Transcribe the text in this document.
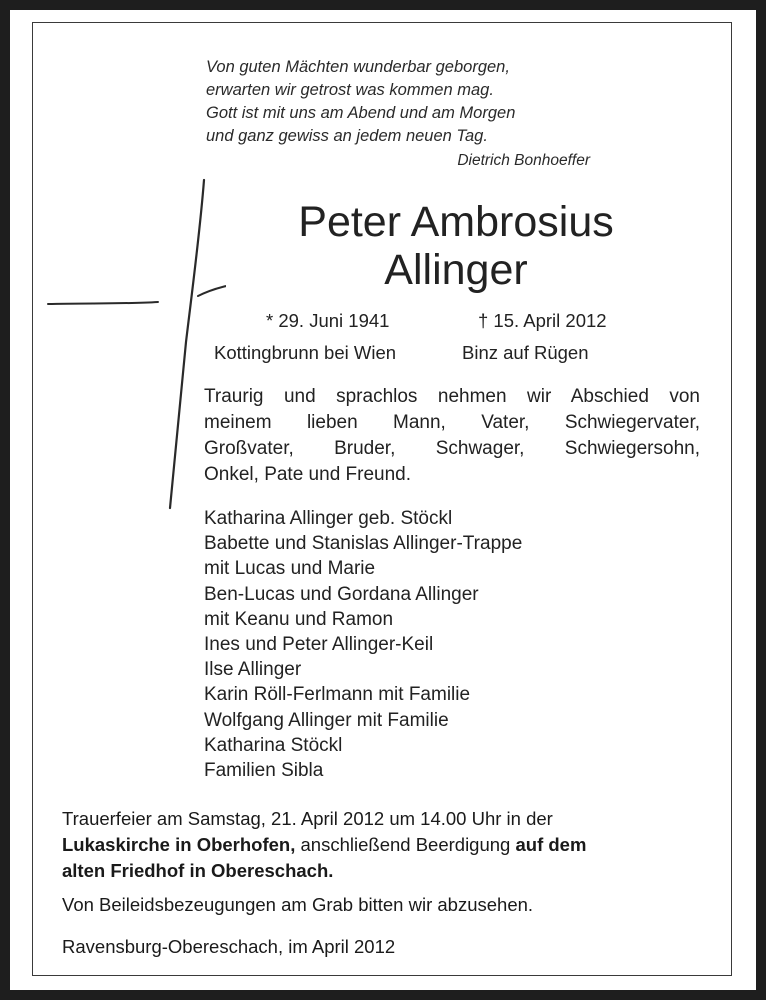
Von guten Mächten wunderbar geborgen,
erwarten wir getrost was kommen mag.
Gott ist mit uns am Abend und am Morgen
und ganz gewiss an jedem neuen Tag.
Dietrich Bonhoeffer
Peter Ambrosius
Allinger
* 29. Juni 1941	† 15. April 2012
Kottingbrunn bei Wien	Binz auf Rügen
Traurig und sprachlos nehmen wir Abschied von
meinem lieben Mann, Vater, Schwiegervater,
Großvater, Bruder, Schwager, Schwiegersohn,
Onkel, Pate und Freund.
Katharina Allinger geb. Stöckl
Babette und Stanislas Allinger-Trappe
mit Lucas und Marie
Ben-Lucas und Gordana Allinger
mit Keanu und Ramon
Ines und Peter Allinger-Keil
Ilse Allinger
Karin Röll-Ferlmann mit Familie
Wolfgang Allinger mit Familie
Katharina Stöckl
Familien Sibla
Trauerfeier am Samstag, 21. April 2012 um 14.00 Uhr in der
Lukaskirche in Oberhofen, anschließend Beerdigung auf dem
alten Friedhof in Obereschach.
Von Beileidsbezeugungen am Grab bitten wir abzusehen.
Ravensburg-Obereschach, im April 2012
